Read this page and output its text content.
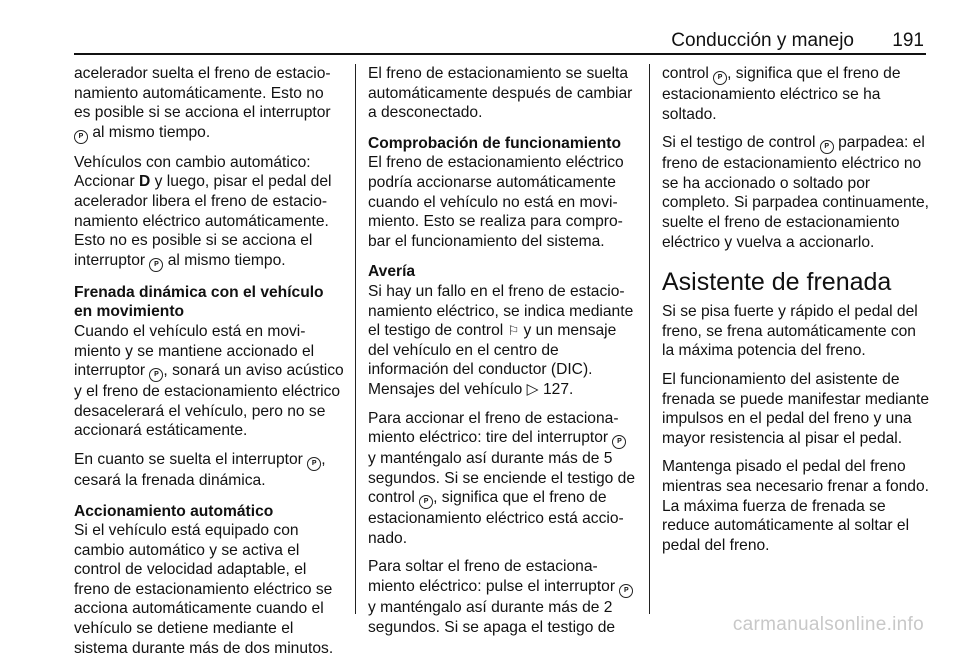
Conducción y manejo 191

acelerador suelta el freno de estacionamiento automáticamente. Esto no es posible si se acciona el interruptor P al mismo tiempo.

Vehículos con cambio automático: Accionar D y luego, pisar el pedal del acelerador libera el freno de estacionamiento eléctrico automáticamente. Esto no es posible si se acciona el interruptor P al mismo tiempo.

Frenada dinámica con el vehículo en movimiento

Cuando el vehículo está en movimiento y se mantiene accionado el interruptor P , sonará un aviso acústico y el freno de estacionamiento eléctrico desacelerará el vehículo, pero no se accionará estáticamente.

En cuanto se suelta el interruptor P , cesará la frenada dinámica.

Accionamiento automático

Si el vehículo está equipado con cambio automático y se activa el control de velocidad adaptable, el freno de estacionamiento eléctrico se acciona automáticamente cuando el vehículo se detiene mediante el sistema durante más de dos minutos.

El freno de estacionamiento se suelta automáticamente después de cambiar a desconectado.

Comprobación de funcionamiento

El freno de estacionamiento eléctrico podría accionarse automáticamente cuando el vehículo no está en movimiento. Esto se realiza para comprobar el funcionamiento del sistema.

Avería

Si hay un fallo en el freno de estacionamiento eléctrico, se indica mediante el testigo de control ⚐ y un mensaje del vehículo en el centro de información del conductor (DIC). Mensajes del vehículo ▷ 127.

Para accionar el freno de estacionamiento eléctrico: tire del interruptor P y manténgalo así durante más de 5 segundos. Si se enciende el testigo de control P , significa que el freno de estacionamiento eléctrico está accionado.

Para soltar el freno de estacionamiento eléctrico: pulse el interruptor P y manténgalo así durante más de 2 segundos. Si se apaga el testigo de

control P , significa que el freno de estacionamiento eléctrico se ha soltado.

Si el testigo de control P parpadea: el freno de estacionamiento eléctrico no se ha accionado o soltado por completo. Si parpadea continuamente, suelte el freno de estacionamiento eléctrico y vuelva a accionarlo.

Asistente de frenada

Si se pisa fuerte y rápido el pedal del freno, se frena automáticamente con la máxima potencia del freno.

El funcionamiento del asistente de frenada se puede manifestar mediante impulsos en el pedal del freno y una mayor resistencia al pisar el pedal.

Mantenga pisado el pedal del freno mientras sea necesario frenar a fondo. La máxima fuerza de frenada se reduce automáticamente al soltar el pedal del freno.

carmanualsonline.info
